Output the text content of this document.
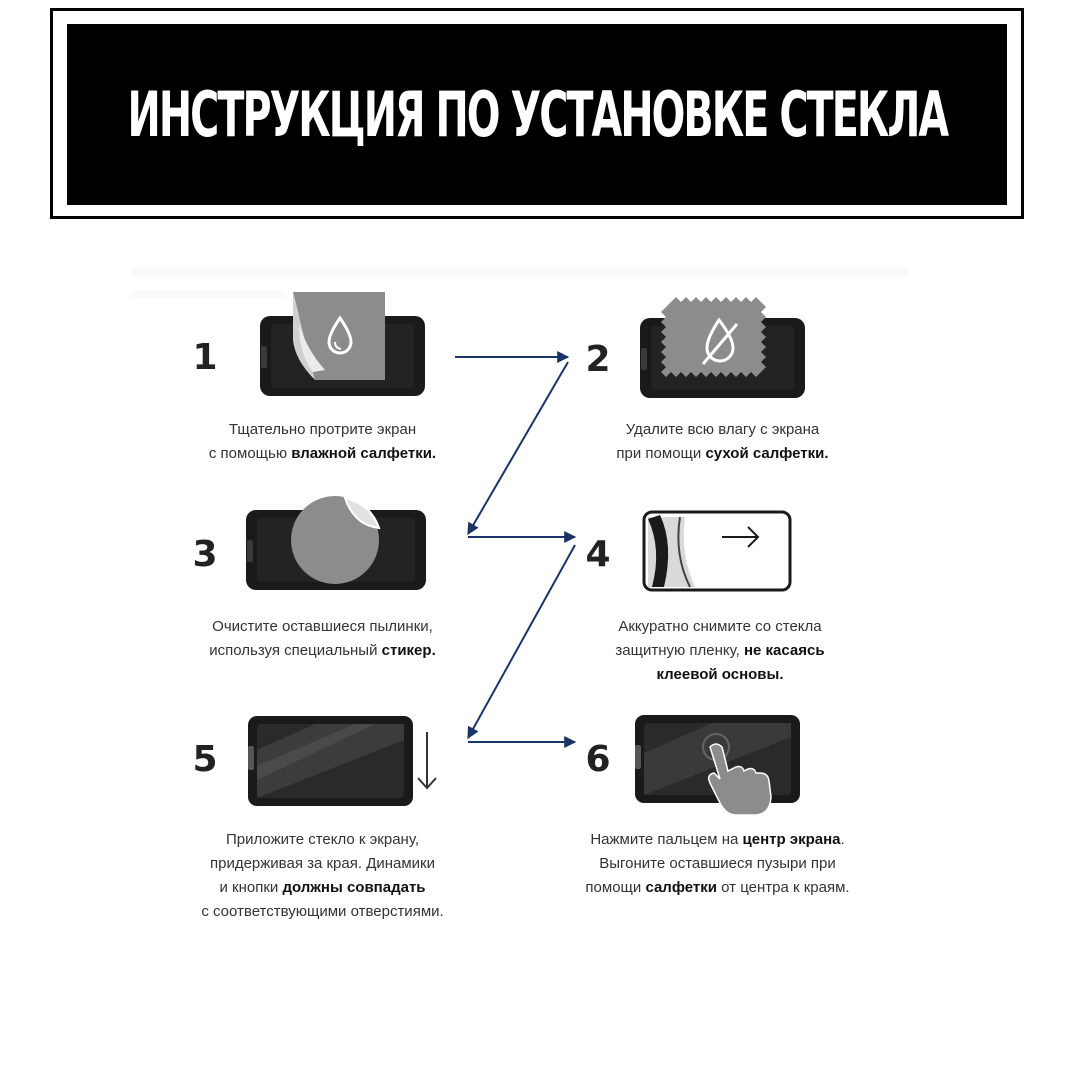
ИНСТРУКЦИЯ ПО УСТАНОВКЕ СТЕКЛА
1
Тщательно протрите экран
с помощью влажной салфетки.
2
Удалите всю влагу с экрана
при помощи сухой салфетки.
3
Очистите оставшиеся пылинки,
используя специальный стикер.
4
Аккуратно снимите со стекла
защитную пленку, не касаясь
клеевой основы.
5
Приложите стекло к экрану,
придерживая за края. Динамики
и кнопки должны совпадать
с соответствующими отверстиями.
6
Нажмите пальцем на центр экрана.
Выгоните оставшиеся пузыри при
помощи салфетки от центра к краям.
